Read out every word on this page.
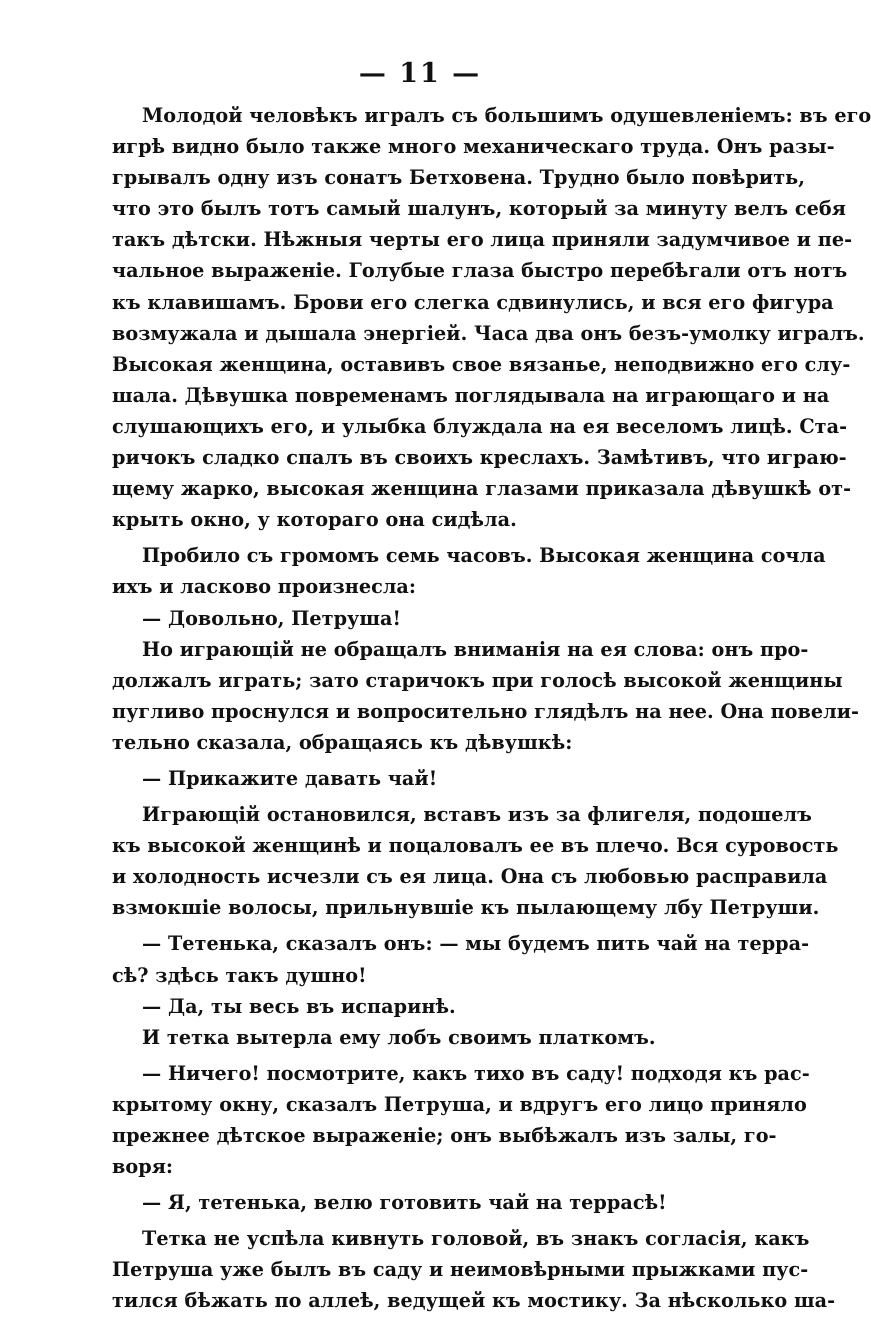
— 11 —
Молодой человѣкъ игралъ съ большимъ одушевленіемъ: въ его
игрѣ видно было также много механическаго труда. Онъ разы-
грывалъ одну изъ сонатъ Бетховена. Трудно было повѣрить,
что это былъ тотъ самый шалунъ, который за минуту велъ себя
такъ дѣтски. Нѣжныя черты его лица приняли задумчивое и пе-
чальное выраженіе. Голубые глаза быстро перебѣгали отъ нотъ
къ клавишамъ. Брови его слегка сдвинулись, и вся его фигура
возмужала и дышала энергіей. Часа два онъ безъ-умолку игралъ.
Высокая женщина, оставивъ свое вязанье, неподвижно его слу-
шала. Дѣвушка повременамъ поглядывала на играющаго и на
слушающихъ его, и улыбка блуждала на ея веселомъ лицѣ. Ста-
ричокъ сладко спалъ въ своихъ креслахъ. Замѣтивъ, что играю-
щему жарко, высокая женщина глазами приказала дѣвушкѣ от-
крыть окно, у котораго она сидѣла.
Пробило съ громомъ семь часовъ. Высокая женщина сочла
ихъ и ласково произнесла:
— Довольно, Петруша!
Но играющій не обращалъ вниманія на ея слова: онъ про-
должалъ играть; зато старичокъ при голосѣ высокой женщины
пугливо проснулся и вопросительно глядѣлъ на нее. Она повели-
тельно сказала, обращаясь къ дѣвушкѣ:
— Прикажите давать чай!
Играющій остановился, вставъ изъ за флигеля, подошелъ
къ высокой женщинѣ и поцаловалъ ее въ плечо. Вся суровость
и холодность исчезли съ ея лица. Она съ любовью расправила
взмокшіе волосы, прильнувшіе къ пылающему лбу Петруши.
— Тетенька, сказалъ онъ: — мы будемъ пить чай на терра-
сѣ? здѣсь такъ душно!
— Да, ты весь въ испаринѣ.
И тетка вытерла ему лобъ своимъ платкомъ.
— Ничего! посмотрите, какъ тихо въ саду! подходя къ рас-
крытому окну, сказалъ Петруша, и вдругъ его лицо приняло
прежнее дѣтское выраженіе; онъ выбѣжалъ изъ залы, го-
воря:
— Я, тетенька, велю готовить чай на террасѣ!
Тетка не успѣла кивнуть головой, въ знакъ согласія, какъ
Петруша уже былъ въ саду и неимовѣрными прыжками пус-
тился бѣжать по аллеѣ, ведущей къ мостику. За нѣсколько ша-
